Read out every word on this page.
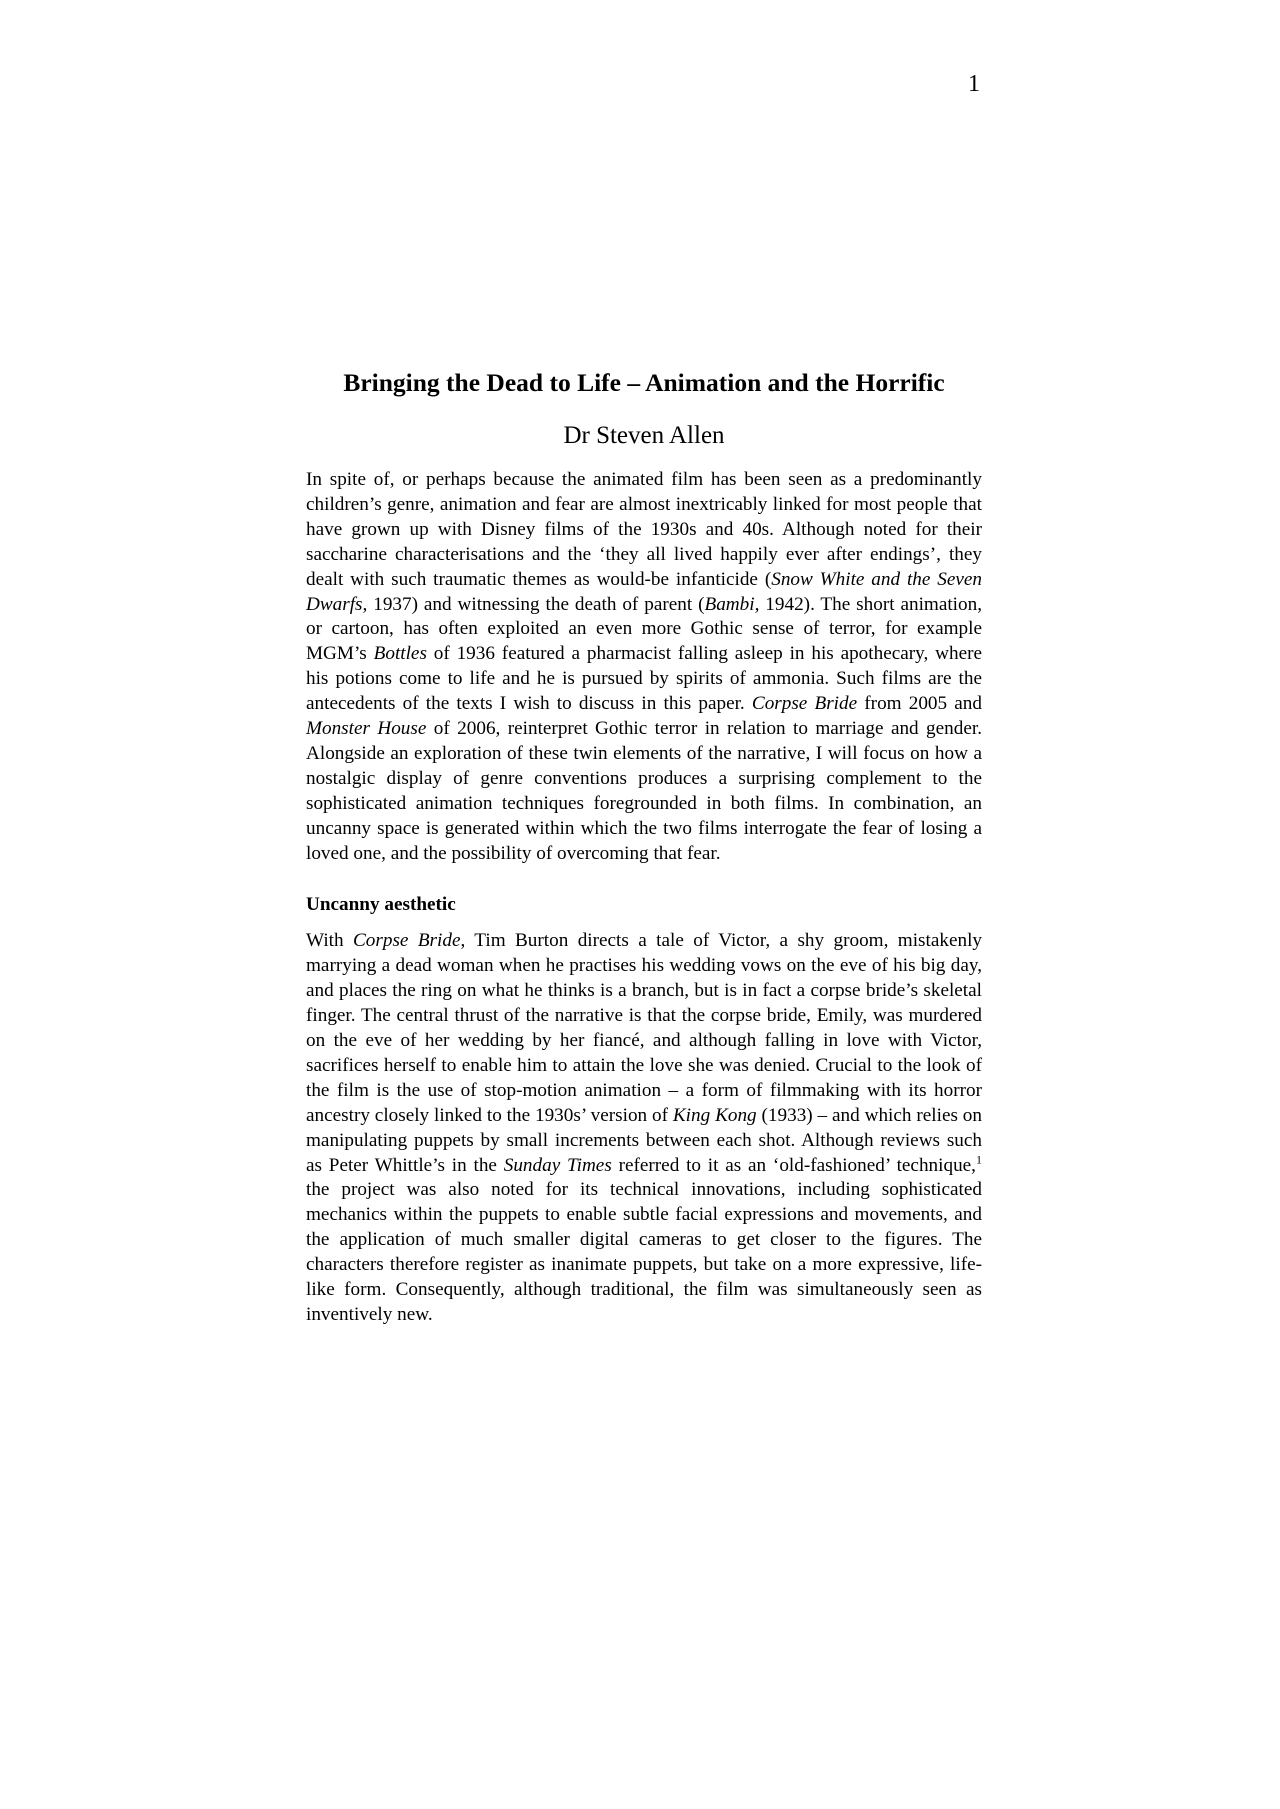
1
Bringing the Dead to Life – Animation and the Horrific
Dr Steven Allen

In spite of, or perhaps because the animated film has been seen as a predominantly children’s genre, animation and fear are almost inextricably linked for most people that have grown up with Disney films of the 1930s and 40s. Although noted for their saccharine characterisations and the ‘they all lived happily ever after endings’, they dealt with such traumatic themes as would-be infanticide (Snow White and the Seven Dwarfs, 1937) and witnessing the death of parent (Bambi, 1942). The short animation, or cartoon, has often exploited an even more Gothic sense of terror, for example MGM’s Bottles of 1936 featured a pharmacist falling asleep in his apothecary, where his potions come to life and he is pursued by spirits of ammonia. Such films are the antecedents of the texts I wish to discuss in this paper. Corpse Bride from 2005 and Monster House of 2006, reinterpret Gothic terror in relation to marriage and gender. Alongside an exploration of these twin elements of the narrative, I will focus on how a nostalgic display of genre conventions produces a surprising complement to the sophisticated animation techniques foregrounded in both films. In combination, an uncanny space is generated within which the two films interrogate the fear of losing a loved one, and the possibility of overcoming that fear.

Uncanny aesthetic

With Corpse Bride, Tim Burton directs a tale of Victor, a shy groom, mistakenly marrying a dead woman when he practises his wedding vows on the eve of his big day, and places the ring on what he thinks is a branch, but is in fact a corpse bride’s skeletal finger. The central thrust of the narrative is that the corpse bride, Emily, was murdered on the eve of her wedding by her fiancé, and although falling in love with Victor, sacrifices herself to enable him to attain the love she was denied. Crucial to the look of the film is the use of stop-motion animation – a form of filmmaking with its horror ancestry closely linked to the 1930s’ version of King Kong (1933) – and which relies on manipulating puppets by small increments between each shot. Although reviews such as Peter Whittle’s in the Sunday Times referred to it as an ‘old-fashioned’ technique,$^1$ the project was also noted for its technical innovations, including sophisticated mechanics within the puppets to enable subtle facial expressions and movements, and the application of much smaller digital cameras to get closer to the figures. The characters therefore register as inanimate puppets, but take on a more expressive, life-like form. Consequently, although traditional, the film was simultaneously seen as inventively new.
